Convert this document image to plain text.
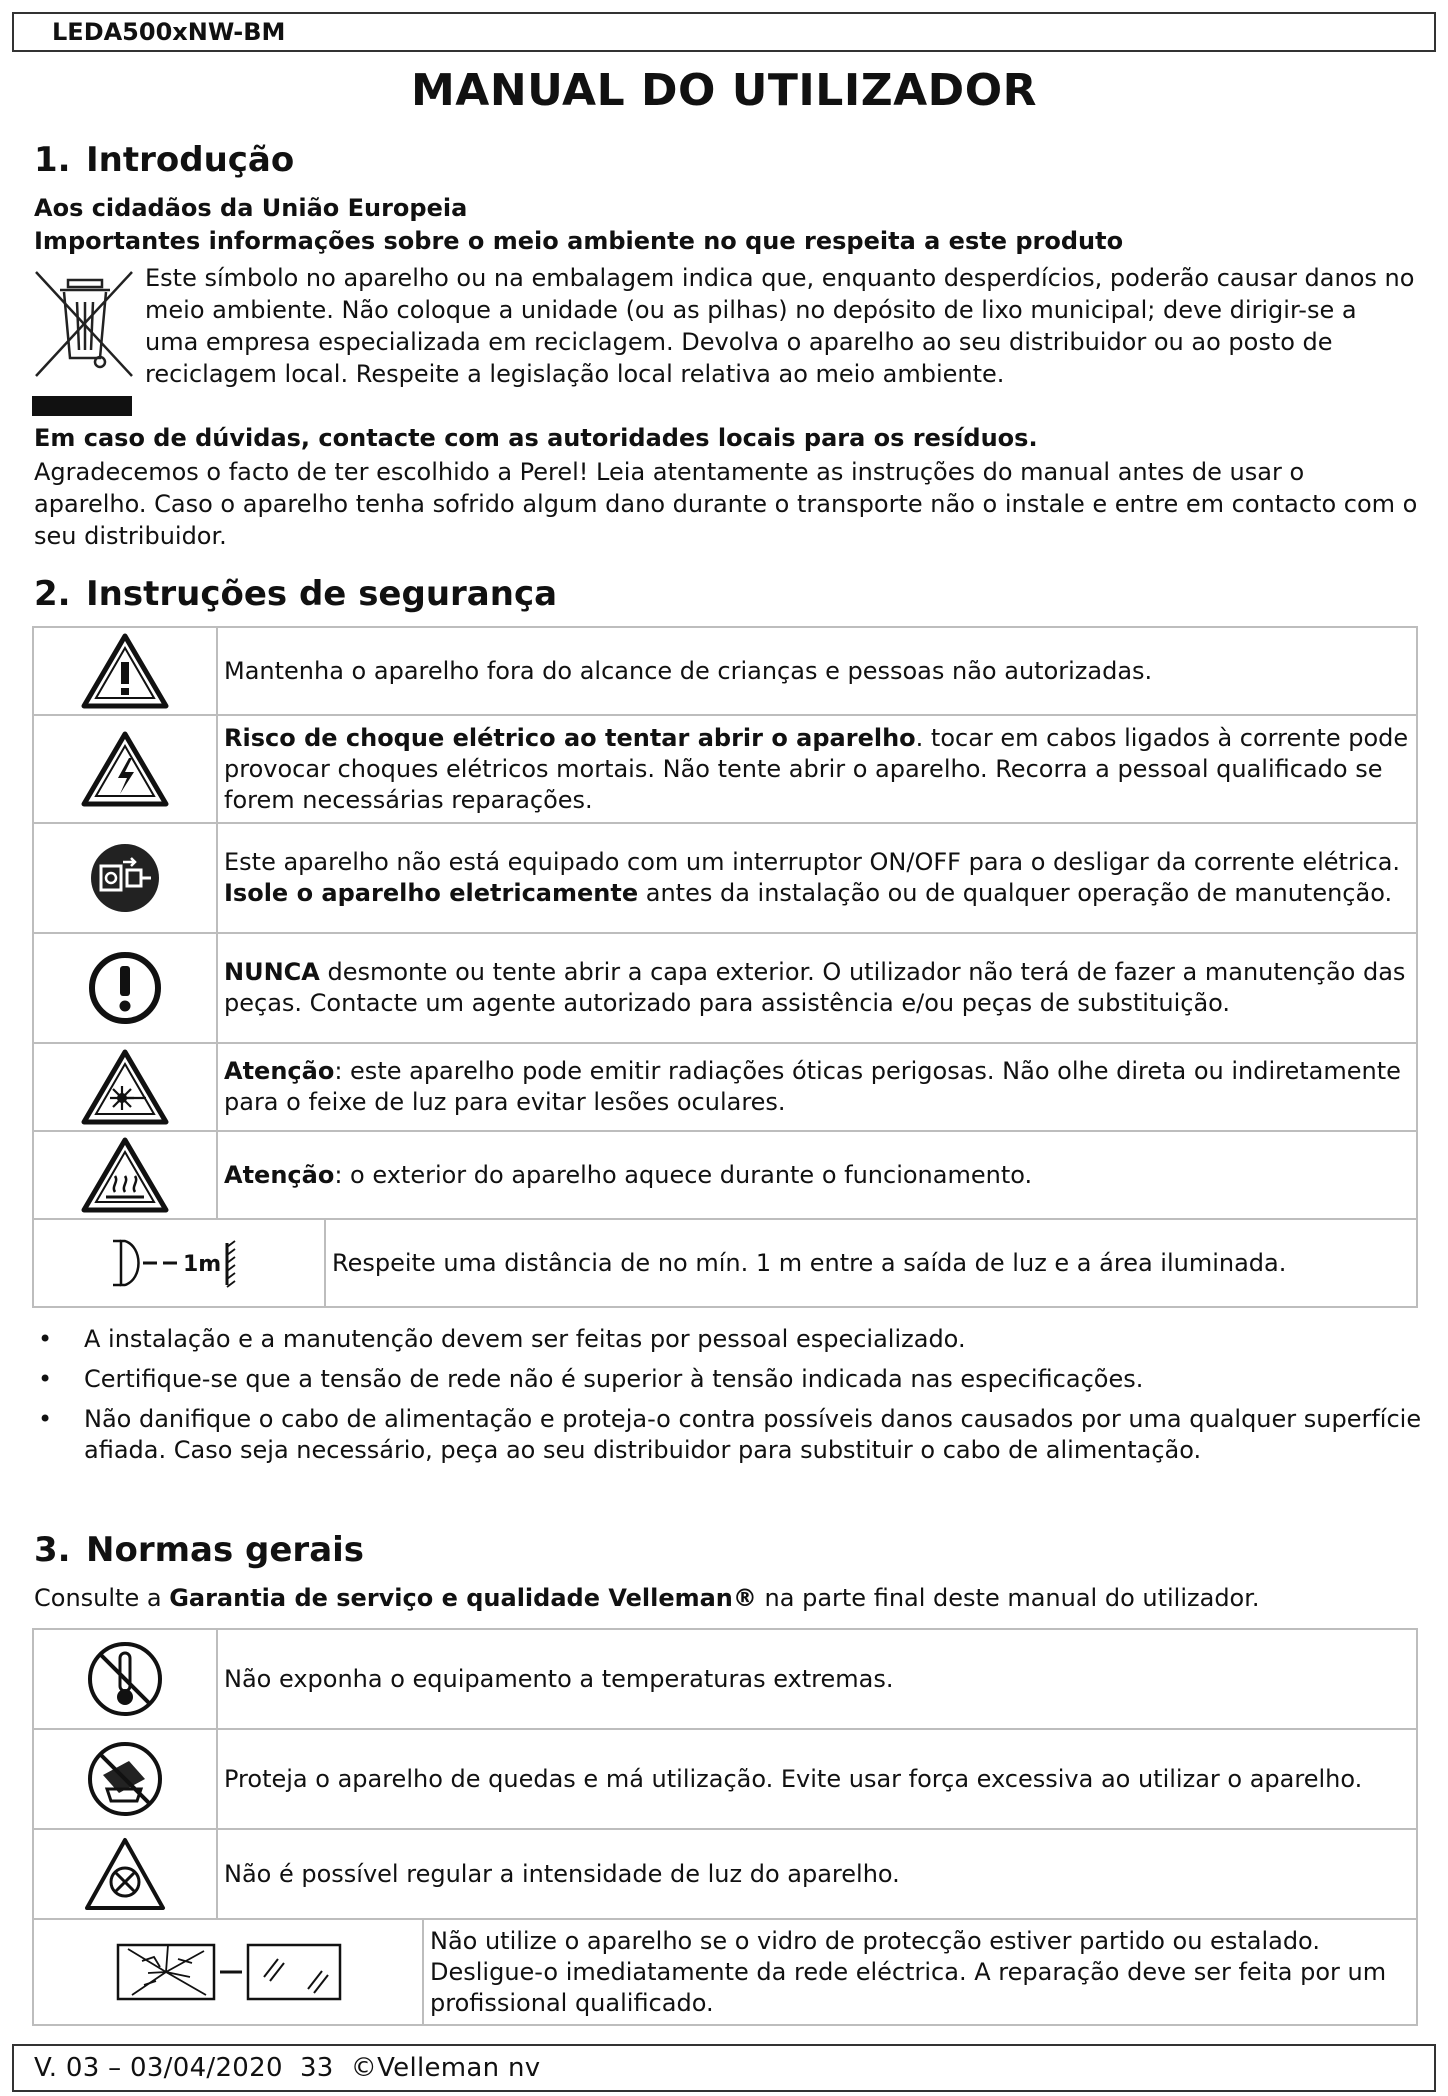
LEDA500xNW-BM
MANUAL DO UTILIZADOR
1. Introdução
Aos cidadãos da União Europeia
Importantes informações sobre o meio ambiente no que respeita a este produto
Este símbolo no aparelho ou na embalagem indica que, enquanto desperdícios, poderão causar danos no meio ambiente. Não coloque a unidade (ou as pilhas) no depósito de lixo municipal; deve dirigir-se a uma empresa especializada em reciclagem. Devolva o aparelho ao seu distribuidor ou ao posto de reciclagem local. Respeite a legislação local relativa ao meio ambiente.
Em caso de dúvidas, contacte com as autoridades locais para os resíduos.
Agradecemos o facto de ter escolhido a Perel! Leia atentamente as instruções do manual antes de usar o aparelho. Caso o aparelho tenha sofrido algum dano durante o transporte não o instale e entre em contacto com o seu distribuidor.
2. Instruções de segurança
	Mantenha o aparelho fora do alcance de crianças e pessoas não autorizadas.	

	Risco de choque elétrico ao tentar abrir o aparelho. tocar em cabos ligados à corrente pode provocar choques elétricos mortais. Não tente abrir o aparelho. Recorra a pessoal qualificado se forem necessárias reparações.	

	Este aparelho não está equipado com um interruptor ON/OFF para o desligar da corrente elétrica. Isole o aparelho eletricamente antes da instalação ou de qualquer operação de manutenção.	

	NUNCA desmonte ou tente abrir a capa exterior. O utilizador não terá de fazer a manutenção das peças. Contacte um agente autorizado para assistência e/ou peças de substituição.	

	Atenção: este aparelho pode emitir radiações óticas perigosas. Não olhe direta ou indiretamente para o feixe de luz para evitar lesões oculares.	

	Atenção: o exterior do aparelho aquece durante o funcionamento.	

1m		Respeite uma distância de no mín. 1 m entre a saída de luz e a área iluminada.
• A instalação e a manutenção devem ser feitas por pessoal especializado.
• Certifique-se que a tensão de rede não é superior à tensão indicada nas especificações.
• Não danifique o cabo de alimentação e proteja-o contra possíveis danos causados por uma qualquer superfície afiada. Caso seja necessário, peça ao seu distribuidor para substituir o cabo de alimentação.
3. Normas gerais
Consulte a Garantia de serviço e qualidade Velleman® na parte final deste manual do utilizador.
	Não exponha o equipamento a temperaturas extremas.	

	Proteja o aparelho de quedas e má utilização. Evite usar força excessiva ao utilizar o aparelho.	

	Não é possível regular a intensidade de luz do aparelho.	

	Não utilize o aparelho se o vidro de protecção estiver partido ou estalado. Desligue-o imediatamente da rede eléctrica. A reparação deve ser feita por um profissional qualificado.
V. 03 – 03/04/2020  33  ©Velleman nv
